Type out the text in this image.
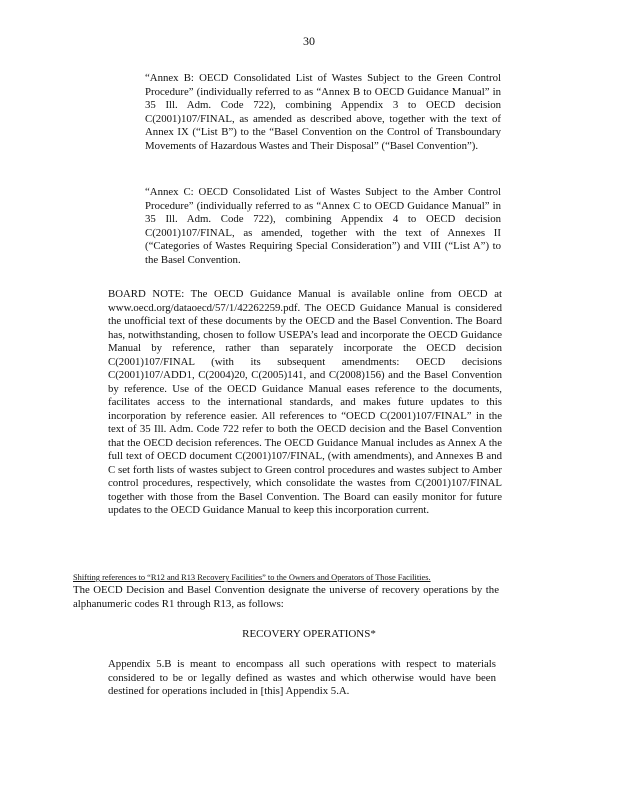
30

“Annex B: OECD Consolidated List of Wastes Subject to the Green Control Procedure” (individually referred to as “Annex B to OECD Guidance Manual” in 35 Ill. Adm. Code 722), combining Appendix 3 to OECD decision C(2001)107/FINAL, as amended as described above, together with the text of Annex IX (“List B”) to the “Basel Convention on the Control of Transboundary Movements of Hazardous Wastes and Their Disposal” (“Basel Convention”).

“Annex C: OECD Consolidated List of Wastes Subject to the Amber Control Procedure” (individually referred to as “Annex C to OECD Guidance Manual” in 35 Ill. Adm. Code 722), combining Appendix 4 to OECD decision C(2001)107/FINAL, as amended, together with the text of Annexes II (“Categories of Wastes Requiring Special Consideration”) and VIII (“List A”) to the Basel Convention.

BOARD NOTE: The OECD Guidance Manual is available online from OECD at www.oecd.org/dataoecd/57/1/42262259.pdf. The OECD Guidance Manual is considered the unofficial text of these documents by the OECD and the Basel Convention. The Board has, notwithstanding, chosen to follow USEPA’s lead and incorporate the OECD Guidance Manual by reference, rather than separately incorporate the OECD decision C(2001)107/FINAL (with its subsequent amendments: OECD decisions C(2001)107/ADD1, C(2004)20, C(2005)141, and C(2008)156) and the Basel Convention by reference. Use of the OECD Guidance Manual eases reference to the documents, facilitates access to the international standards, and makes future updates to this incorporation by reference easier. All references to “OECD C(2001)107/FINAL” in the text of 35 Ill. Adm. Code 722 refer to both the OECD decision and the Basel Convention that the OECD decision references. The OECD Guidance Manual includes as Annex A the full text of OECD document C(2001)107/FINAL, (with amendments), and Annexes B and C set forth lists of wastes subject to Green control procedures and wastes subject to Amber control procedures, respectively, which consolidate the wastes from C(2001)107/FINAL together with those from the Basel Convention. The Board can easily monitor for future updates to the OECD Guidance Manual to keep this incorporation current.

Shifting references to “R12 and R13 Recovery Facilities” to the Owners and Operators of Those Facilities.
The OECD Decision and Basel Convention designate the universe of recovery operations by the alphanumeric codes R1 through R13, as follows:
RECOVERY OPERATIONS*

Appendix 5.B is meant to encompass all such operations with respect to materials considered to be or legally defined as wastes and which otherwise would have been destined for operations included in [this] Appendix 5.A.
